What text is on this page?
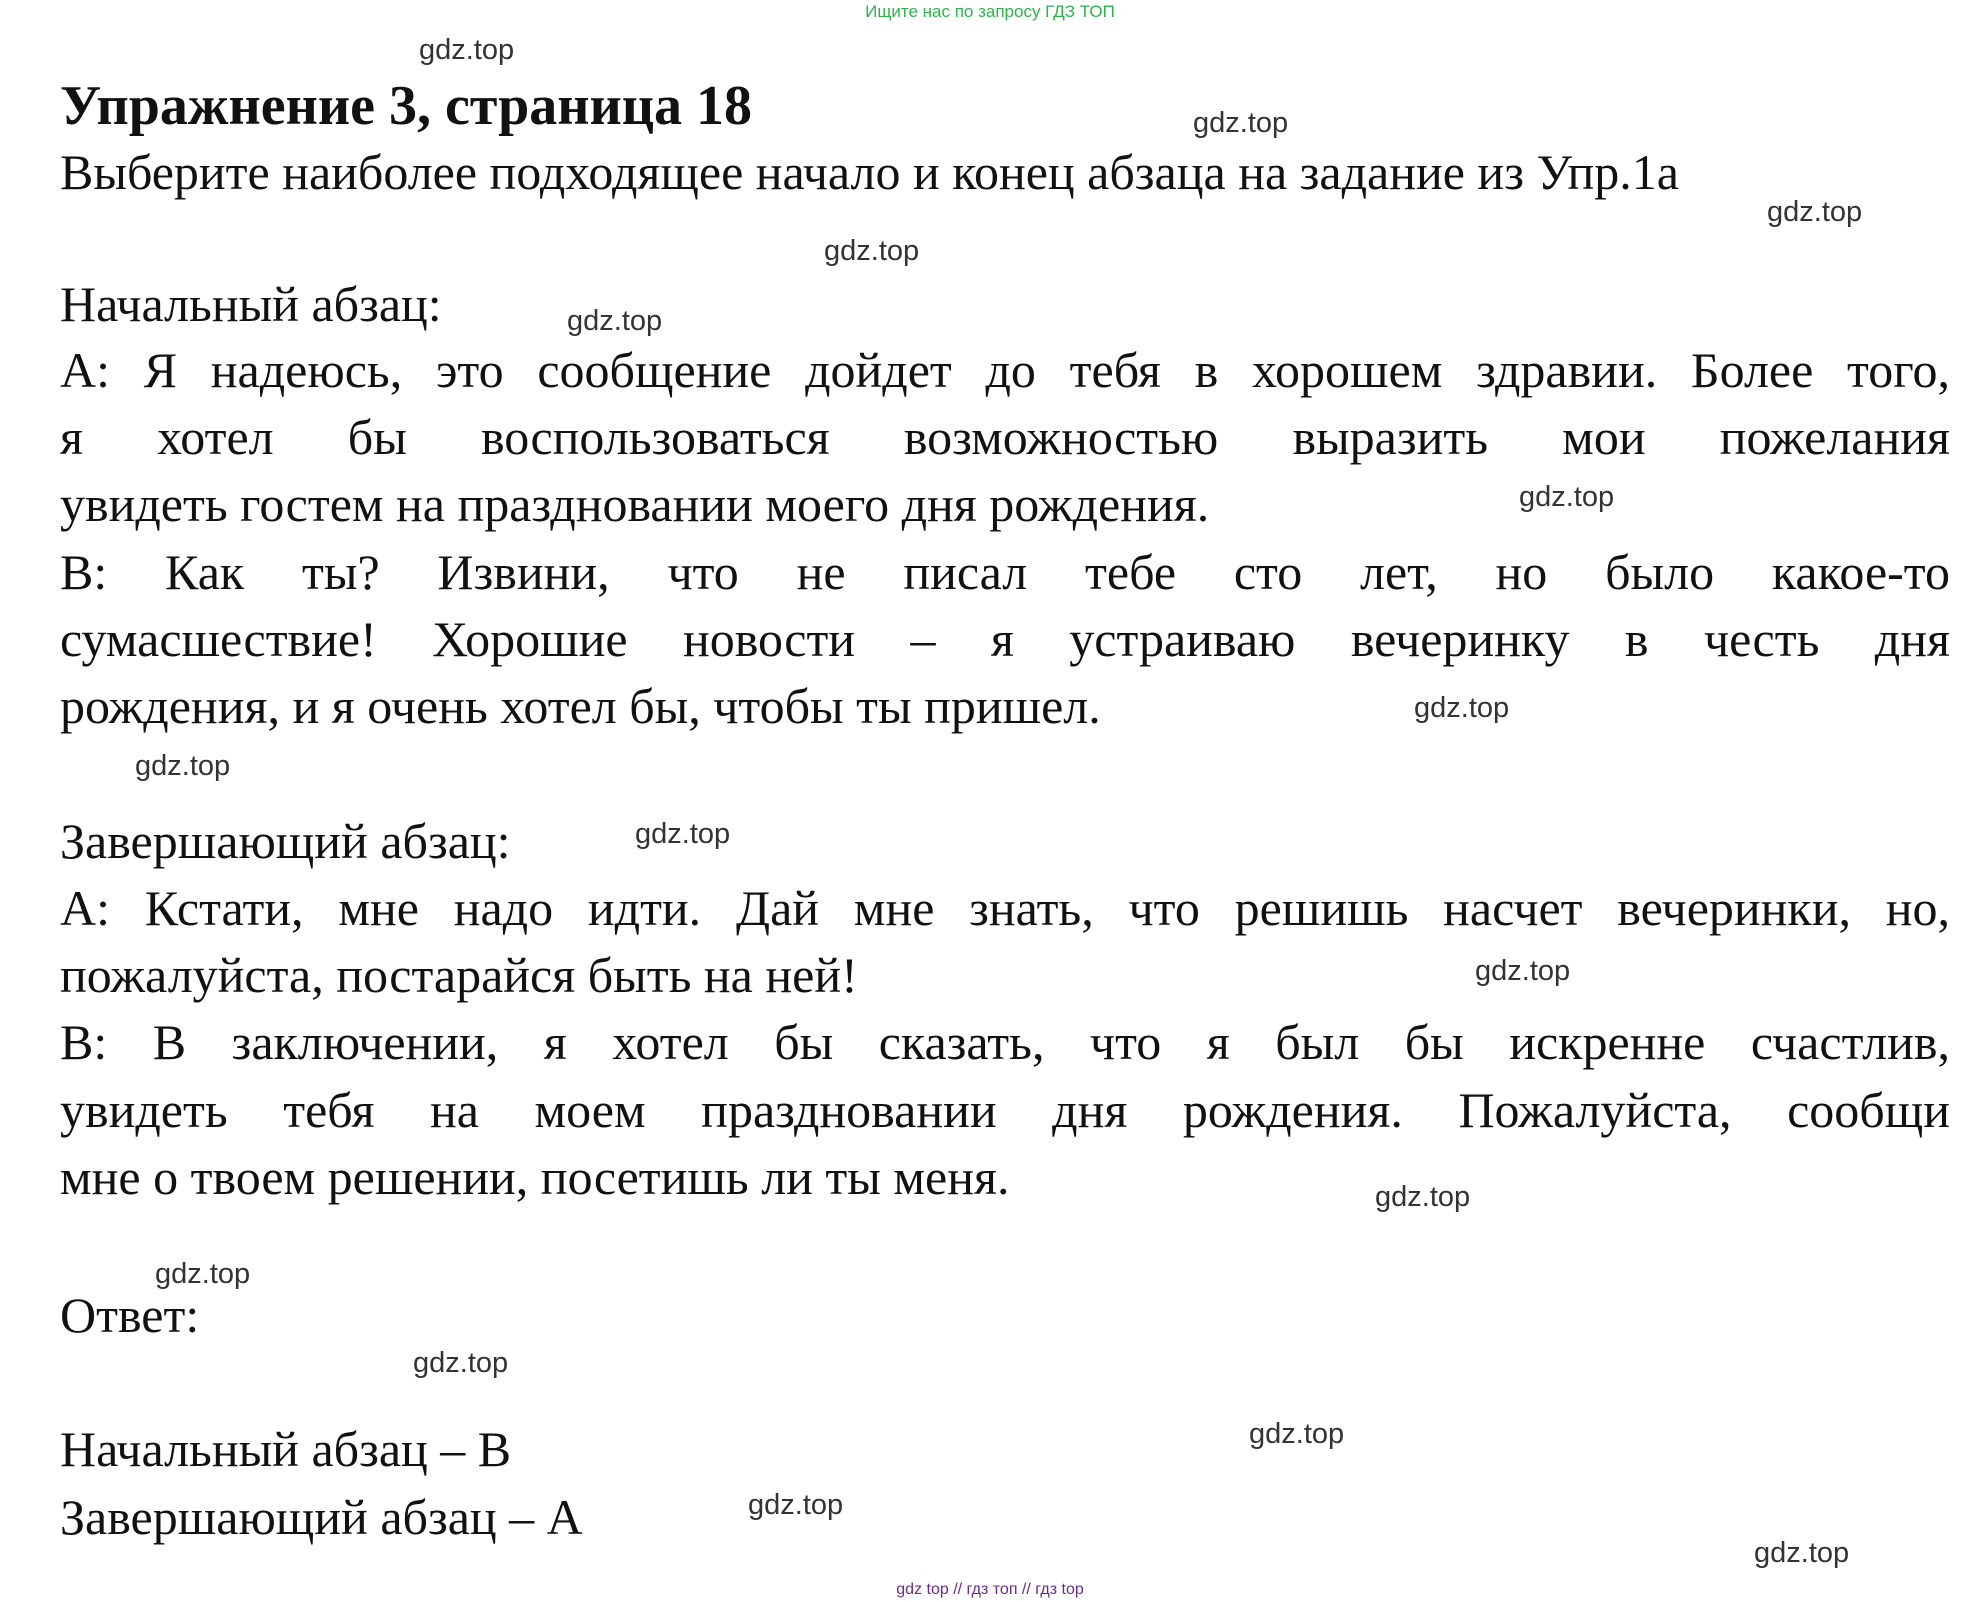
Ищите нас по запросу ГДЗ ТОП
Упражнение 3, страница 18
Выберите наиболее подходящее начало и конец абзаца на задание из Упр.1а
Начальный абзац:
А: Я надеюсь, это сообщение дойдет до тебя в хорошем здравии. Более того,
я хотел бы воспользоваться возможностью выразить мои пожелания
увидеть гостем на праздновании моего дня рождения.
В: Как ты? Извини, что не писал тебе сто лет, но было какое-то
сумасшествие! Хорошие новости – я устраиваю вечеринку в честь дня
рождения, и я очень хотел бы, чтобы ты пришел.
Завершающий абзац:
А: Кстати, мне надо идти. Дай мне знать, что решишь насчет вечеринки, но,
пожалуйста, постарайся быть на ней!
В: В заключении, я хотел бы сказать, что я был бы искренне счастлив,
увидеть тебя на моем праздновании дня рождения. Пожалуйста, сообщи
мне о твоем решении, посетишь ли ты меня.
Ответ:
Начальный абзац – В
Завершающий абзац – А
gdz.top
gdz.top
gdz.top
gdz.top
gdz.top
gdz.top
gdz.top
gdz.top
gdz.top
gdz.top
gdz.top
gdz.top
gdz.top
gdz.top
gdz.top
gdz.top
gdz top // гдз топ // гдз top
